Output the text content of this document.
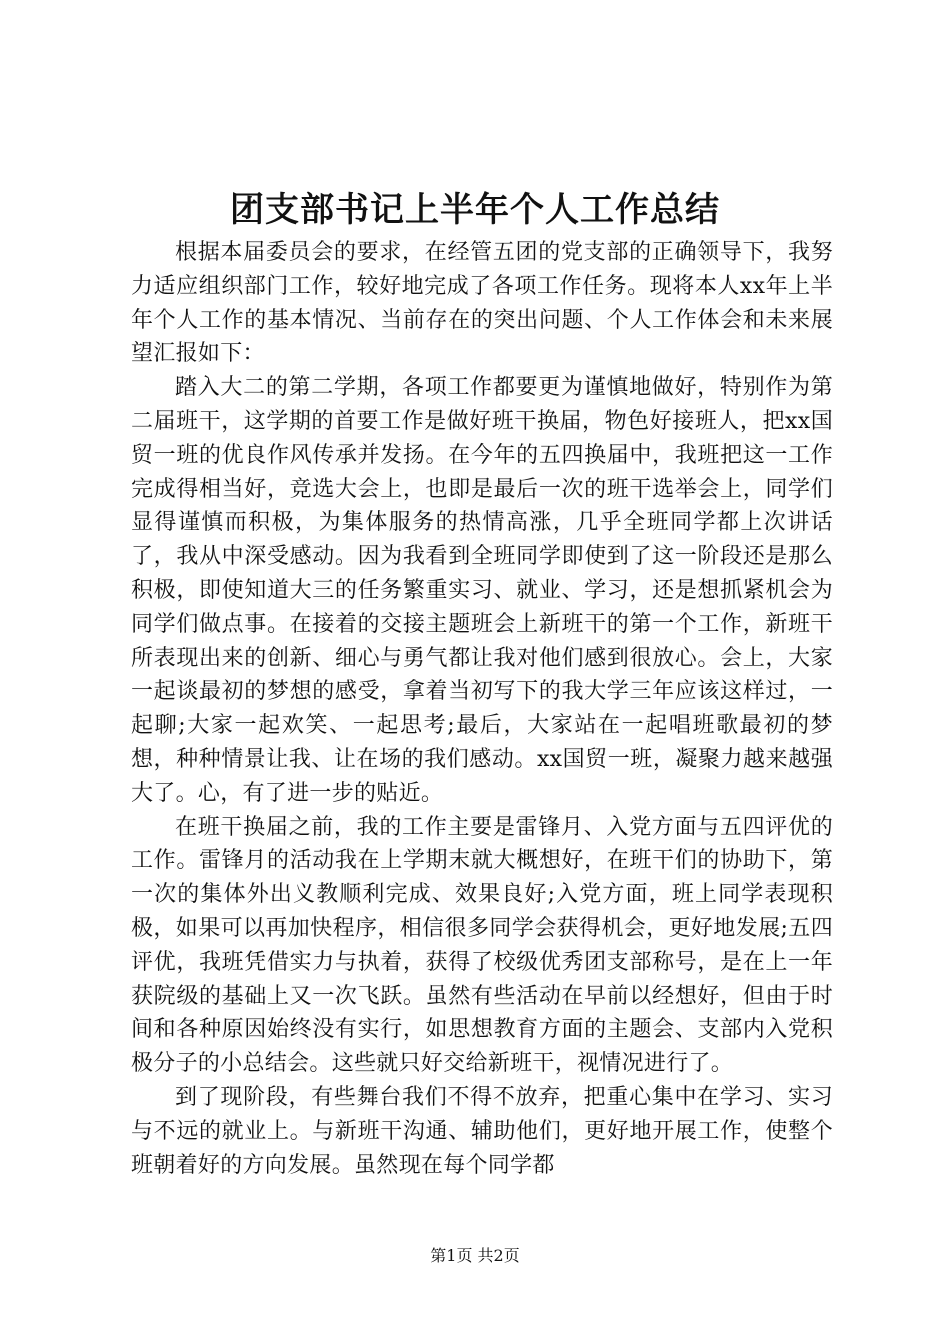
团支部书记上半年个人工作总结

根据本届委员会的要求，在经管五团的党支部的正确领导下，我努力适应组织部门工作，较好地完成了各项工作任务。现将本人xx年上半年个人工作的基本情况、当前存在的突出问题、个人工作体会和未来展望汇报如下：

踏入大二的第二学期，各项工作都要更为谨慎地做好，特别作为第二届班干，这学期的首要工作是做好班干换届，物色好接班人，把xx国贸一班的优良作风传承并发扬。在今年的五四换届中，我班把这一工作完成得相当好，竞选大会上，也即是最后一次的班干选举会上，同学们显得谨慎而积极，为集体服务的热情高涨，几乎全班同学都上次讲话了，我从中深受感动。因为我看到全班同学即使到了这一阶段还是那么积极，即使知道大三的任务繁重实习、就业、学习，还是想抓紧机会为同学们做点事。在接着的交接主题班会上新班干的第一个工作，新班干所表现出来的创新、细心与勇气都让我对他们感到很放心。会上，大家一起谈最初的梦想的感受，拿着当初写下的我大学三年应该这样过，一起聊;大家一起欢笑、一起思考;最后，大家站在一起唱班歌最初的梦想，种种情景让我、让在场的我们感动。xx国贸一班，凝聚力越来越强大了。心，有了进一步的贴近。

在班干换届之前，我的工作主要是雷锋月、入党方面与五四评优的工作。雷锋月的活动我在上学期末就大概想好，在班干们的协助下，第一次的集体外出义教顺利完成、效果良好;入党方面，班上同学表现积极，如果可以再加快程序，相信很多同学会获得机会，更好地发展;五四评优，我班凭借实力与执着，获得了校级优秀团支部称号，是在上一年获院级的基础上又一次飞跃。虽然有些活动在早前以经想好，但由于时间和各种原因始终没有实行，如思想教育方面的主题会、支部内入党积极分子的小总结会。这些就只好交给新班干，视情况进行了。

到了现阶段，有些舞台我们不得不放弃，把重心集中在学习、实习与不远的就业上。与新班干沟通、辅助他们，更好地开展工作，使整个班朝着好的方向发展。虽然现在每个同学都

第1页 共2页
